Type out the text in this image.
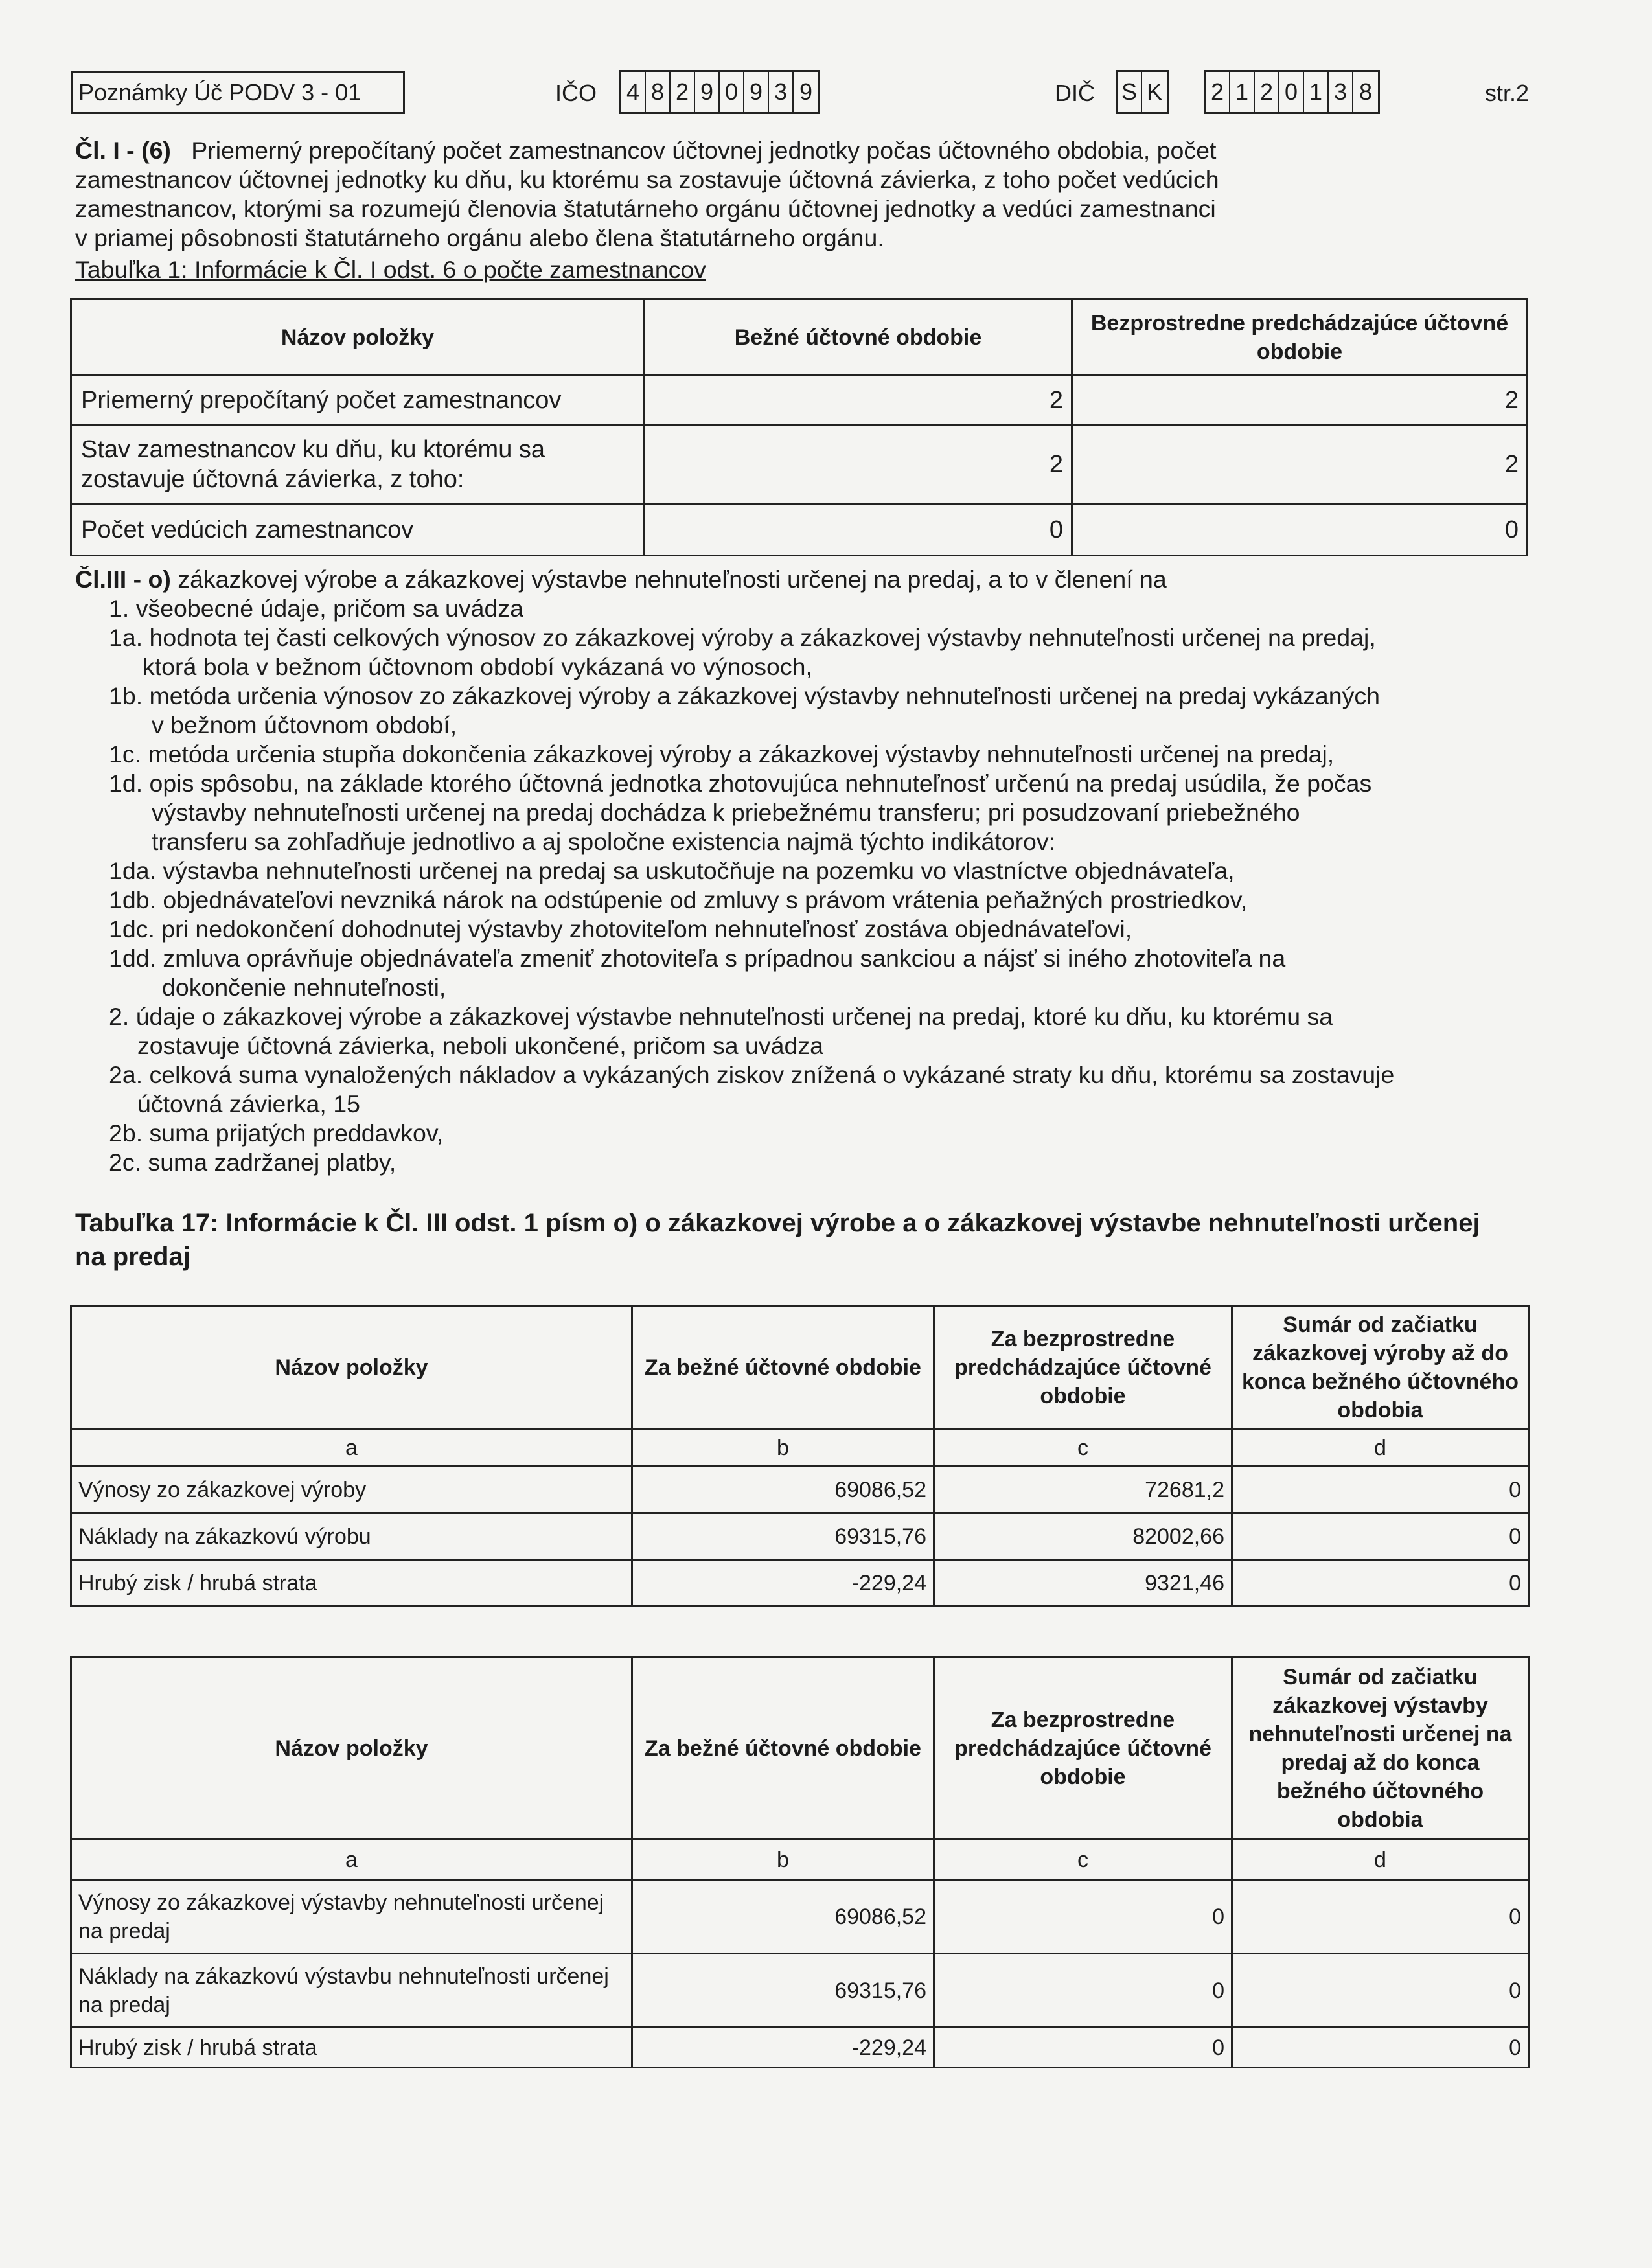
Poznámky Úč PODV 3 - 01	IČO 4 8 2 9 0 9 3 9	DIČ S K 2 1 2 0 1 3 8	str.2
Čl. I - (6) Priemerný prepočítaný počet zamestnancov účtovnej jednotky počas účtovného obdobia, počet
zamestnancov účtovnej jednotky ku dňu, ku ktorému sa zostavuje účtovná závierka, z toho počet vedúcich
zamestnancov, ktorými sa rozumejú členovia štatutárneho orgánu účtovnej jednotky a vedúci zamestnanci
v priamej pôsobnosti štatutárneho orgánu alebo člena štatutárneho orgánu.
Tabuľka 1: Informácie k Čl. I odst. 6 o počte zamestnancov
Názov položky	Bežné účtovné obdobie	Bezprostredne predchádzajúce účtovné obdobie
Priemerný prepočítaný počet zamestnancov	2	2
Stav zamestnancov ku dňu, ku ktorému sa zostavuje účtovná závierka, z toho:	2	2
Počet vedúcich zamestnancov	0	0
Čl.III - o) zákazkovej výrobe a zákazkovej výstavbe nehnuteľnosti určenej na predaj, a to v členení na
1. všeobecné údaje, pričom sa uvádza
1a. hodnota tej časti celkových výnosov zo zákazkovej výroby a zákazkovej výstavby nehnuteľnosti určenej na predaj,
ktorá bola v bežnom účtovnom období vykázaná vo výnosoch,
1b. metóda určenia výnosov zo zákazkovej výroby a zákazkovej výstavby nehnuteľnosti určenej na predaj vykázaných
v bežnom účtovnom období,
1c. metóda určenia stupňa dokončenia zákazkovej výroby a zákazkovej výstavby nehnuteľnosti určenej na predaj,
1d. opis spôsobu, na základe ktorého účtovná jednotka zhotovujúca nehnuteľnosť určenú na predaj usúdila, že počas
výstavby nehnuteľnosti určenej na predaj dochádza k priebežnému transferu; pri posudzovaní priebežného
transferu sa zohľadňuje jednotlivo a aj spoločne existencia najmä týchto indikátorov:
1da. výstavba nehnuteľnosti určenej na predaj sa uskutočňuje na pozemku vo vlastníctve objednávateľa,
1db. objednávateľovi nevzniká nárok na odstúpenie od zmluvy s právom vrátenia peňažných prostriedkov,
1dc. pri nedokončení dohodnutej výstavby zhotoviteľom nehnuteľnosť zostáva objednávateľovi,
1dd. zmluva oprávňuje objednávateľa zmeniť zhotoviteľa s prípadnou sankciou a nájsť si iného zhotoviteľa na
dokončenie nehnuteľnosti,
2. údaje o zákazkovej výrobe a zákazkovej výstavbe nehnuteľnosti určenej na predaj, ktoré ku dňu, ku ktorému sa
zostavuje účtovná závierka, neboli ukončené, pričom sa uvádza
2a. celková suma vynaložených nákladov a vykázaných ziskov znížená o vykázané straty ku dňu, ktorému sa zostavuje
účtovná závierka, 15
2b. suma prijatých preddavkov,
2c. suma zadržanej platby,
Tabuľka 17: Informácie k Čl. III odst. 1 písm o) o zákazkovej výrobe a o zákazkovej výstavbe nehnuteľnosti určenej na predaj
Názov položky	Za bežné účtovné obdobie	Za bezprostredne predchádzajúce účtovné obdobie	Sumár od začiatku zákazkovej výroby až do konca bežného účtovného obdobia
a	b	c	d
Výnosy zo zákazkovej výroby	69086,52	72681,2	0
Náklady na zákazkovú výrobu	69315,76	82002,66	0
Hrubý zisk / hrubá strata	-229,24	9321,46	0
Názov položky	Za bežné účtovné obdobie	Za bezprostredne predchádzajúce účtovné obdobie	Sumár od začiatku zákazkovej výstavby nehnuteľnosti určenej na predaj až do konca bežného účtovného obdobia
a	b	c	d
Výnosy zo zákazkovej výstavby nehnuteľnosti určenej na predaj	69086,52	0	0
Náklady na zákazkovú výstavbu nehnuteľnosti určenej na predaj	69315,76	0	0
Hrubý zisk / hrubá strata	-229,24	0	0
